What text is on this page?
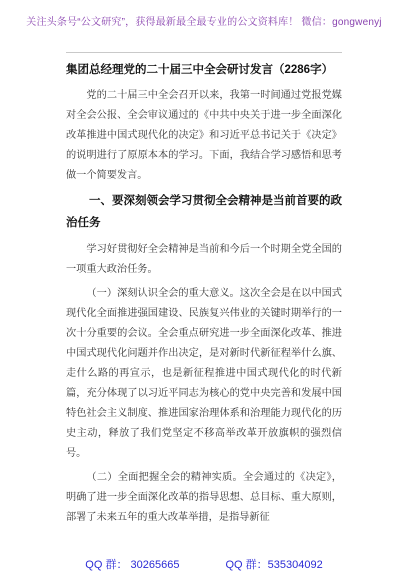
关注头条号“公文研究”，获得最新最全最专业的公文资料库！ 微信：gongwenyj
集团总经理党的二十届三中全会研讨发言（2286字）

党的二十届三中全会召开以来，我第一时间通过党报党媒对全会公报、全会审议通过的《中共中央关于进一步全面深化改革推进中国式现代化的决定》和习近平总书记关于《决定》的说明进行了原原本本的学习。下面，我结合学习感悟和思考做一个简要发言。

一、要深刻领会学习贯彻全会精神是当前首要的政治任务

学习好贯彻好全会精神是当前和今后一个时期全党全国的一项重大政治任务。

（一）深刻认识全会的重大意义。这次全会是在以中国式现代化全面推进强国建设、民族复兴伟业的关键时期举行的一次十分重要的会议。全会重点研究进一步全面深化改革、推进中国式现代化问题并作出决定，是对新时代新征程举什么旗、走什么路的再宣示，也是新征程推进中国式现代化的时代新篇，充分体现了以习近平同志为核心的党中央完善和发展中国特色社会主义制度、推进国家治理体系和治理能力现代化的历史主动，释放了我们党坚定不移高举改革开放旗帜的强烈信号。

（二）全面把握全会的精神实质。全会通过的《决定》，明确了进一步全面深化改革的指导思想、总目标、重大原则，部署了未来五年的重大改革举措，是指导新征

QQ 群： 30265665	QQ 群：535304092
